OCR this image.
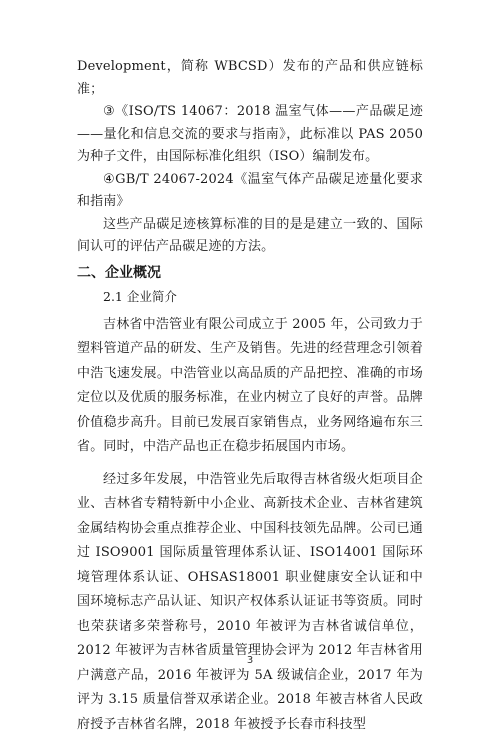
Development，简称 WBCSD）发布的产品和供应链标准；

③《ISO/TS 14067：2018 温室气体——产品碳足迹——量化和信息交流的要求与指南》，此标准以 PAS 2050 为种子文件，由国际标准化组织（ISO）编制发布。

④GB/T 24067-2024《温室气体产品碳足迹量化要求和指南》

这些产品碳足迹核算标准的目的是是建立一致的、国际间认可的评估产品碳足迹的方法。

二、企业概况

2.1 企业简介

吉林省中浩管业有限公司成立于 2005 年，公司致力于塑料管道产品的研发、生产及销售。先进的经营理念引领着中浩飞速发展。中浩管业以高品质的产品把控、准确的市场定位以及优质的服务标准，在业内树立了良好的声誉。品牌价值稳步高升。目前已发展百家销售点，业务网络遍布东三省。同时，中浩产品也正在稳步拓展国内市场。

经过多年发展，中浩管业先后取得吉林省级火炬项目企业、吉林省专精特新中小企业、高新技术企业、吉林省建筑金属结构协会重点推荐企业、中国科技领先品牌。公司已通过 ISO9001 国际质量管理体系认证、ISO14001 国际环境管理体系认证、OHSAS18001 职业健康安全认证和中国环境标志产品认证、知识产权体系认证证书等资质。同时也荣获诸多荣誉称号，2010 年被评为吉林省诚信单位，2012 年被评为吉林省质量管理协会评为 2012 年吉林省用户满意产品，2016 年被评为 5A 级诚信企业，2017 年为评为 3.15 质量信誉双承诺企业。2018 年被吉林省人民政府授予吉林省名牌，2018 年被授予长春市科技型

3
